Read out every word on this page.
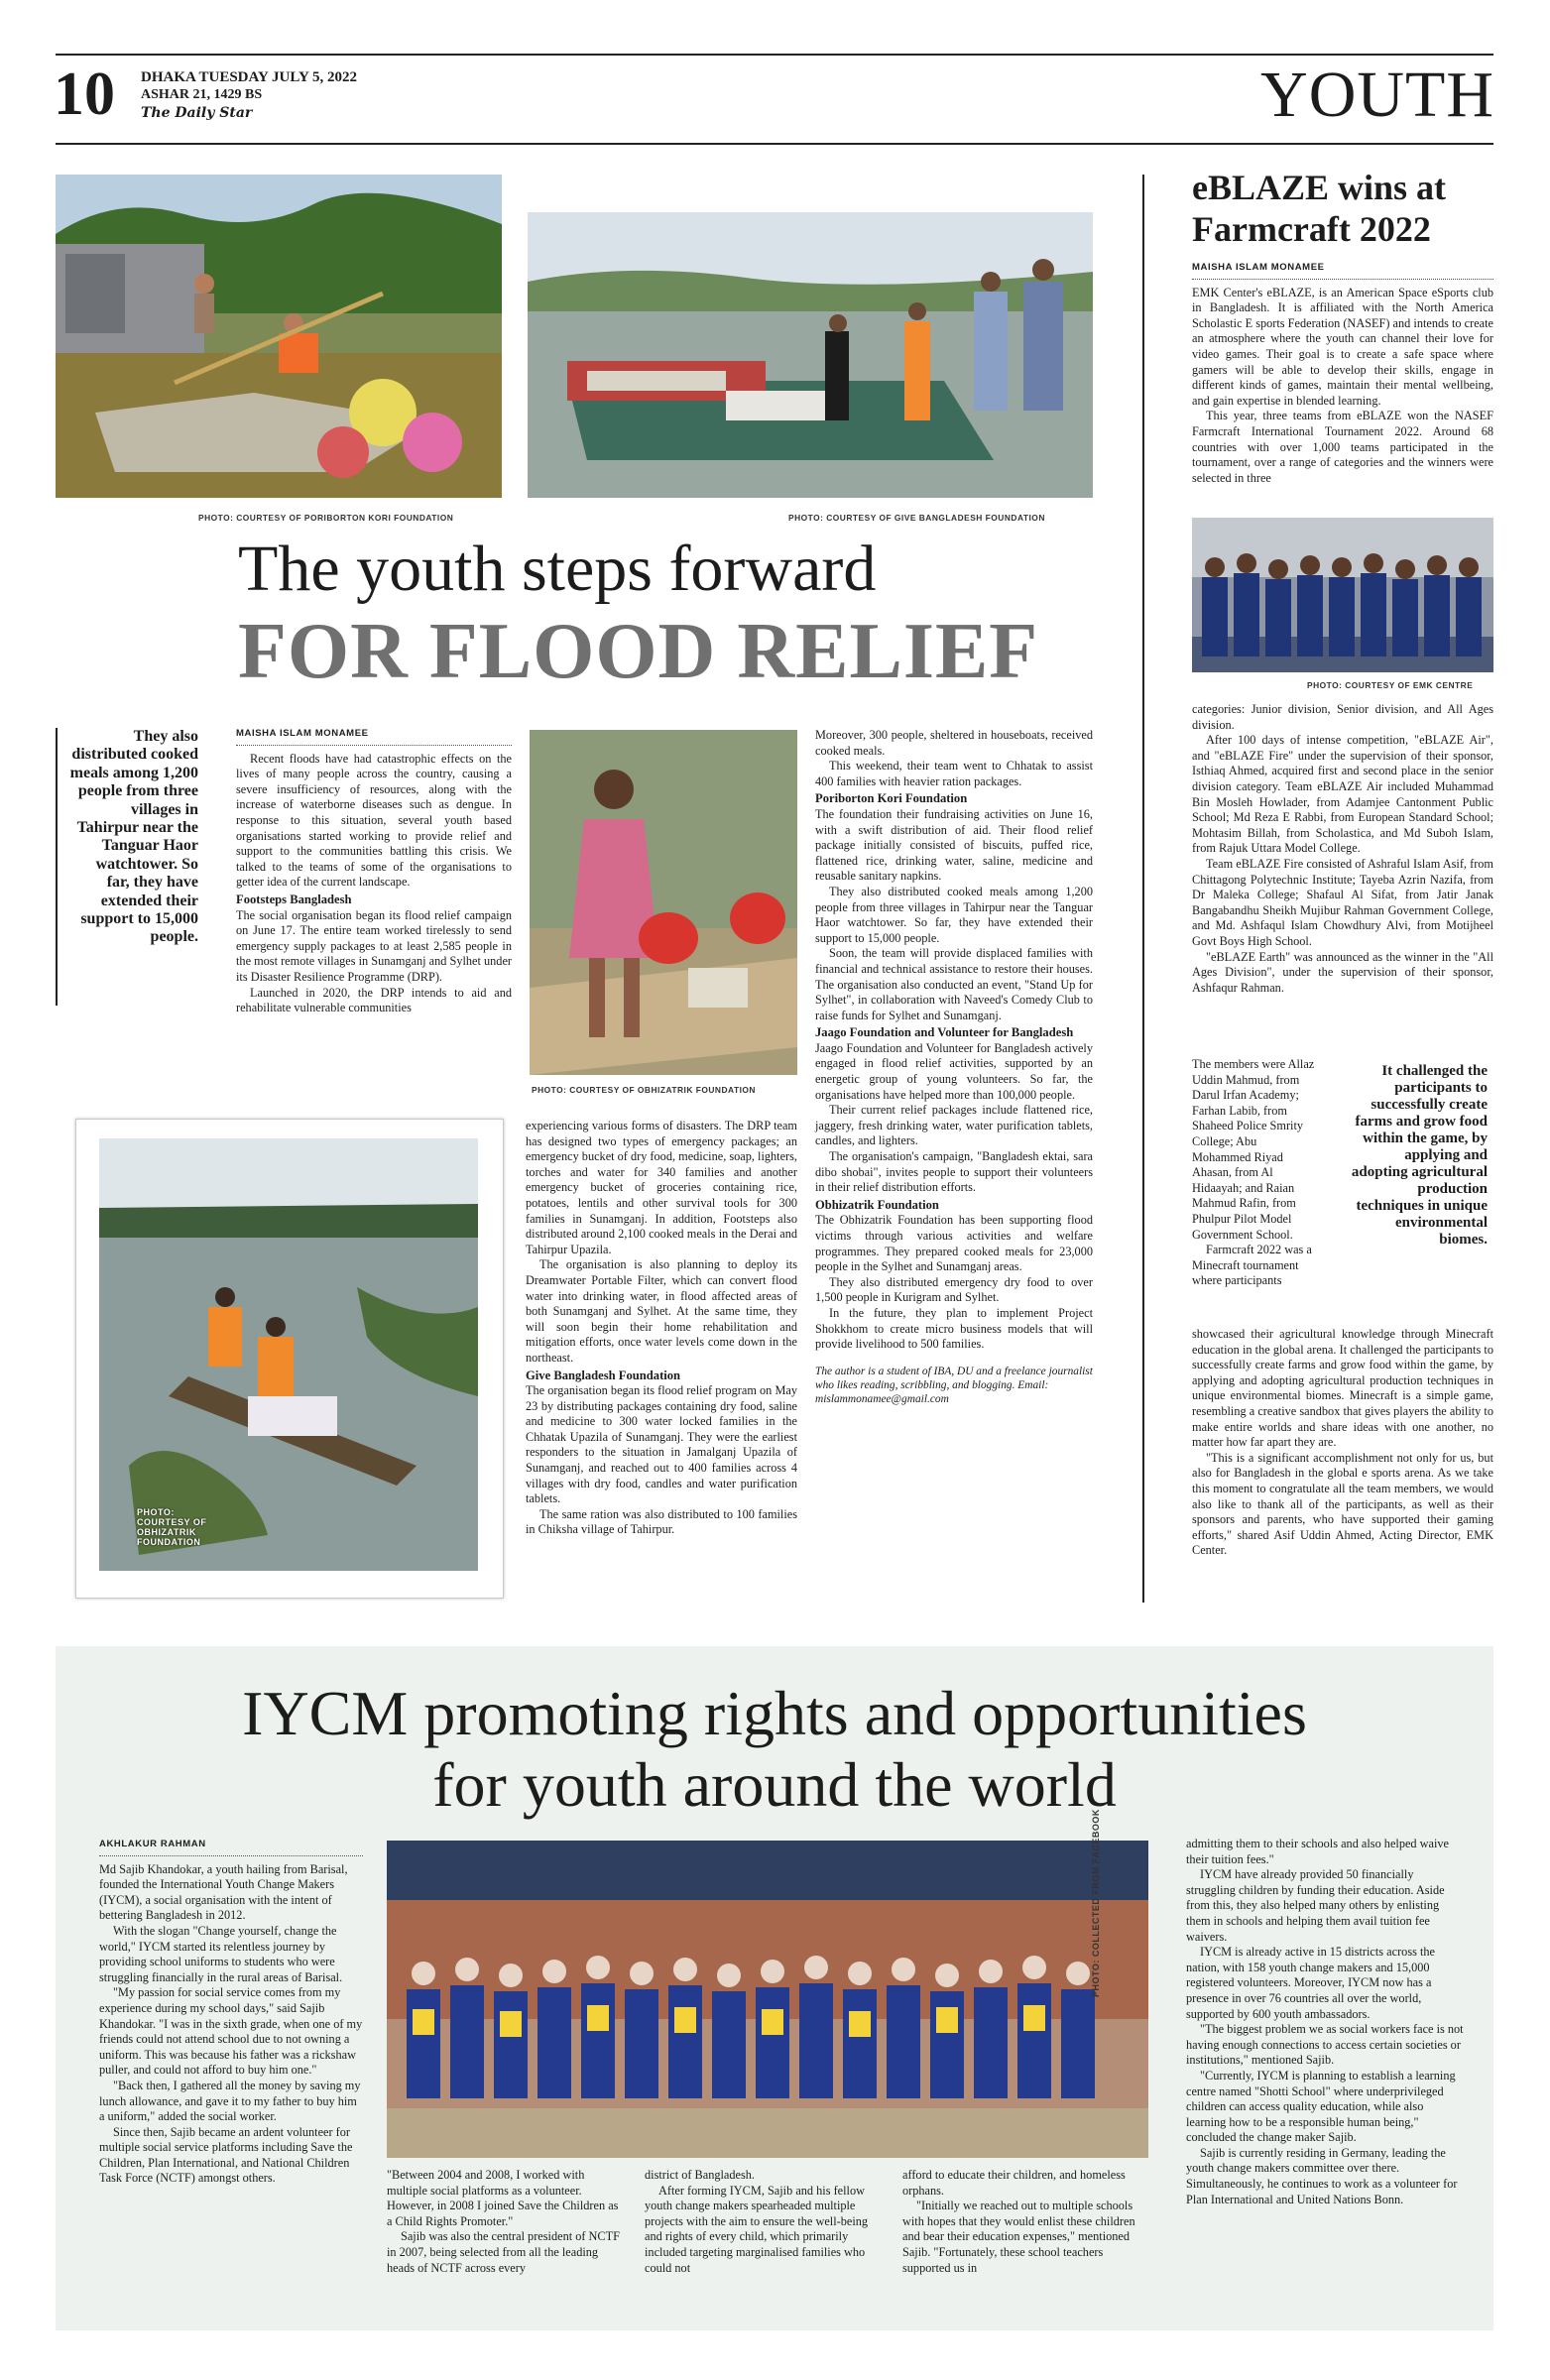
10 DHAKA TUESDAY JULY 5, 2022
ASHAR 21, 1429 BS
The Daily Star	YOUTH
PHOTO: COURTESY OF PORIBORTON KORI FOUNDATION	PHOTO: COURTESY OF GIVE BANGLADESH FOUNDATION
The youth steps forward
FOR FLOOD RELIEF
They also distributed cooked meals among 1,200 people from three villages in Tahirpur near the Tanguar Haor watchtower. So far, they have extended their support to 15,000 people.
MAISHA ISLAM MONAMEE

Recent floods have had catastrophic effects on the lives of many people across the country, causing a severe insufficiency of resources, along with the increase of waterborne diseases such as dengue. In response to this situation, several youth based organisations started working to provide relief and support to the communities battling this crisis. We talked to the teams of some of the organisations to getter idea of the current landscape.

Footsteps Bangladesh

The social organisation began its flood relief campaign on June 17. The entire team worked tirelessly to send emergency supply packages to at least 2,585 people in the most remote villages in Sunamganj and Sylhet under its Disaster Resilience Programme (DRP).

Launched in 2020, the DRP intends to aid and rehabilitate vulnerable communities

PHOTO: COURTESY OF OBHIZATRIK FOUNDATION

Moreover, 300 people, sheltered in houseboats, received cooked meals.

This weekend, their team went to Chhatak to assist 400 families with heavier ration packages.

Poriborton Kori Foundation

The foundation their fundraising activities on June 16, with a swift distribution of aid. Their flood relief package initially consisted of biscuits, puffed rice, flattened rice, drinking water, saline, medicine and reusable sanitary napkins.

They also distributed cooked meals among 1,200 people from three villages in Tahirpur near the Tanguar Haor watchtower. So far, they have extended their support to 15,000 people.

Soon, the team will provide displaced families with financial and technical assistance to restore their houses. The organisation also conducted an event, "Stand Up for Sylhet", in collaboration with Naveed's Comedy Club to raise funds for Sylhet and Sunamganj.

Jaago Foundation and Volunteer for Bangladesh

Jaago Foundation and Volunteer for Bangladesh actively engaged in flood relief activities, supported by an energetic group of young volunteers. So far, the organisations have helped more than 100,000 people.

Their current relief packages include flattened rice, jaggery, fresh drinking water, water purification tablets, candles, and lighters.

The organisation's campaign, "Bangladesh ektai, sara dibo shobai", invites people to support their volunteers in their relief distribution efforts.

Obhizatrik Foundation

The Obhizatrik Foundation has been supporting flood victims through various activities and welfare programmes. They prepared cooked meals for 23,000 people in the Sylhet and Sunamganj areas.

They also distributed emergency dry food to over 1,500 people in Kurigram and Sylhet.

In the future, they plan to implement Project Shokkhom to create micro business models that will provide livelihood to 500 families.

The author is a student of IBA, DU and a freelance journalist who likes reading, scribbling, and blogging. Email: mislammonamee@gmail.com

PHOTO: COURTESY OF OBHIZATRIK FOUNDATION

experiencing various forms of disasters. The DRP team has designed two types of emergency packages; an emergency bucket of dry food, medicine, soap, lighters, torches and water for 340 families and another emergency bucket of groceries containing rice, potatoes, lentils and other survival tools for 300 families in Sunamganj. In addition, Footsteps also distributed around 2,100 cooked meals in the Derai and Tahirpur Upazila.

The organisation is also planning to deploy its Dreamwater Portable Filter, which can convert flood water into drinking water, in flood affected areas of both Sunamganj and Sylhet. At the same time, they will soon begin their home rehabilitation and mitigation efforts, once water levels come down in the northeast.

Give Bangladesh Foundation

The organisation began its flood relief program on May 23 by distributing packages containing dry food, saline and medicine to 300 water locked families in the Chhatak Upazila of Sunamganj. They were the earliest responders to the situation in Jamalganj Upazila of Sunamganj, and reached out to 400 families across 4 villages with dry food, candles and water purification tablets.

The same ration was also distributed to 100 families in Chiksha village of Tahirpur.

eBLAZE wins at Farmcraft 2022
MAISHA ISLAM MONAMEE

EMK Center's eBLAZE, is an American Space eSports club in Bangladesh. It is affiliated with the North America Scholastic E sports Federation (NASEF) and intends to create an atmosphere where the youth can channel their love for video games. Their goal is to create a safe space where gamers will be able to develop their skills, engage in different kinds of games, maintain their mental wellbeing, and gain expertise in blended learning.

This year, three teams from eBLAZE won the NASEF Farmcraft International Tournament 2022. Around 68 countries with over 1,000 teams participated in the tournament, over a range of categories and the winners were selected in three

PHOTO: COURTESY OF EMK CENTRE

categories: Junior division, Senior division, and All Ages division.

After 100 days of intense competition, "eBLAZE Air", and "eBLAZE Fire" under the supervision of their sponsor, Isthiaq Ahmed, acquired first and second place in the senior division category. Team eBLAZE Air included Muhammad Bin Mosleh Howlader, from Adamjee Cantonment Public School; Md Reza E Rabbi, from European Standard School; Mohtasim Billah, from Scholastica, and Md Suboh Islam, from Rajuk Uttara Model College.

Team eBLAZE Fire consisted of Ashraful Islam Asif, from Chittagong Polytechnic Institute; Tayeba Azrin Nazifa, from Dr Maleka College; Shafaul Al Sifat, from Jatir Janak Bangabandhu Sheikh Mujibur Rahman Government College, and Md. Ashfaqul Islam Chowdhury Alvi, from Motijheel Govt Boys High School.

"eBLAZE Earth" was announced as the winner in the "All Ages Division", under the supervision of their sponsor, Ashfaqur Rahman.

The members were Allaz Uddin Mahmud, from Darul Irfan Academy; Farhan Labib, from Shaheed Police Smrity College; Abu Mohammed Riyad Ahasan, from Al Hidaayah; and Raian Mahmud Rafin, from Phulpur Pilot Model Government School.

Farmcraft 2022 was a Minecraft tournament where participants

It challenged the participants to successfully create farms and grow food within the game, by applying and adopting agricultural production techniques in unique environmental biomes.

showcased their agricultural knowledge through Minecraft education in the global arena. It challenged the participants to successfully create farms and grow food within the game, by applying and adopting agricultural production techniques in unique environmental biomes. Minecraft is a simple game, resembling a creative sandbox that gives players the ability to make entire worlds and share ideas with one another, no matter how far apart they are.

"This is a significant accomplishment not only for us, but also for Bangladesh in the global e sports arena. As we take this moment to congratulate all the team members, we would also like to thank all of the participants, as well as their sponsors and parents, who have supported their gaming efforts," shared Asif Uddin Ahmed, Acting Director, EMK Center.

IYCM promoting rights and opportunities
for youth around the world
AKHLAKUR RAHMAN

Md Sajib Khandokar, a youth hailing from Barisal, founded the International Youth Change Makers (IYCM), a social organisation with the intent of bettering Bangladesh in 2012.

With the slogan "Change yourself, change the world," IYCM started its relentless journey by providing school uniforms to students who were struggling financially in the rural areas of Barisal.

"My passion for social service comes from my experience during my school days," said Sajib Khandokar. "I was in the sixth grade, when one of my friends could not attend school due to not owning a uniform. This was because his father was a rickshaw puller, and could not afford to buy him one."

"Back then, I gathered all the money by saving my lunch allowance, and gave it to my father to buy him a uniform," added the social worker.

Since then, Sajib became an ardent volunteer for multiple social service platforms including Save the Children, Plan International, and National Children Task Force (NCTF) amongst others.

PHOTO: COLLECTED FROM FACEBOOK

"Between 2004 and 2008, I worked with multiple social platforms as a volunteer. However, in 2008 I joined Save the Children as a Child Rights Promoter."

Sajib was also the central president of NCTF in 2007, being selected from all the leading heads of NCTF across every

district of Bangladesh.

After forming IYCM, Sajib and his fellow youth change makers spearheaded multiple projects with the aim to ensure the well-being and rights of every child, which primarily included targeting marginalised families who could not

afford to educate their children, and homeless orphans.

"Initially we reached out to multiple schools with hopes that they would enlist these children and bear their education expenses," mentioned Sajib. "Fortunately, these school teachers supported us in

admitting them to their schools and also helped waive their tuition fees."

IYCM have already provided 50 financially struggling children by funding their education. Aside from this, they also helped many others by enlisting them in schools and helping them avail tuition fee waivers.

IYCM is already active in 15 districts across the nation, with 158 youth change makers and 15,000 registered volunteers. Moreover, IYCM now has a presence in over 76 countries all over the world, supported by 600 youth ambassadors.

"The biggest problem we as social workers face is not having enough connections to access certain societies or institutions," mentioned Sajib.

"Currently, IYCM is planning to establish a learning centre named "Shotti School" where underprivileged children can access quality education, while also learning how to be a responsible human being," concluded the change maker Sajib.

Sajib is currently residing in Germany, leading the youth change makers committee over there. Simultaneously, he continues to work as a volunteer for Plan International and United Nations Bonn.
